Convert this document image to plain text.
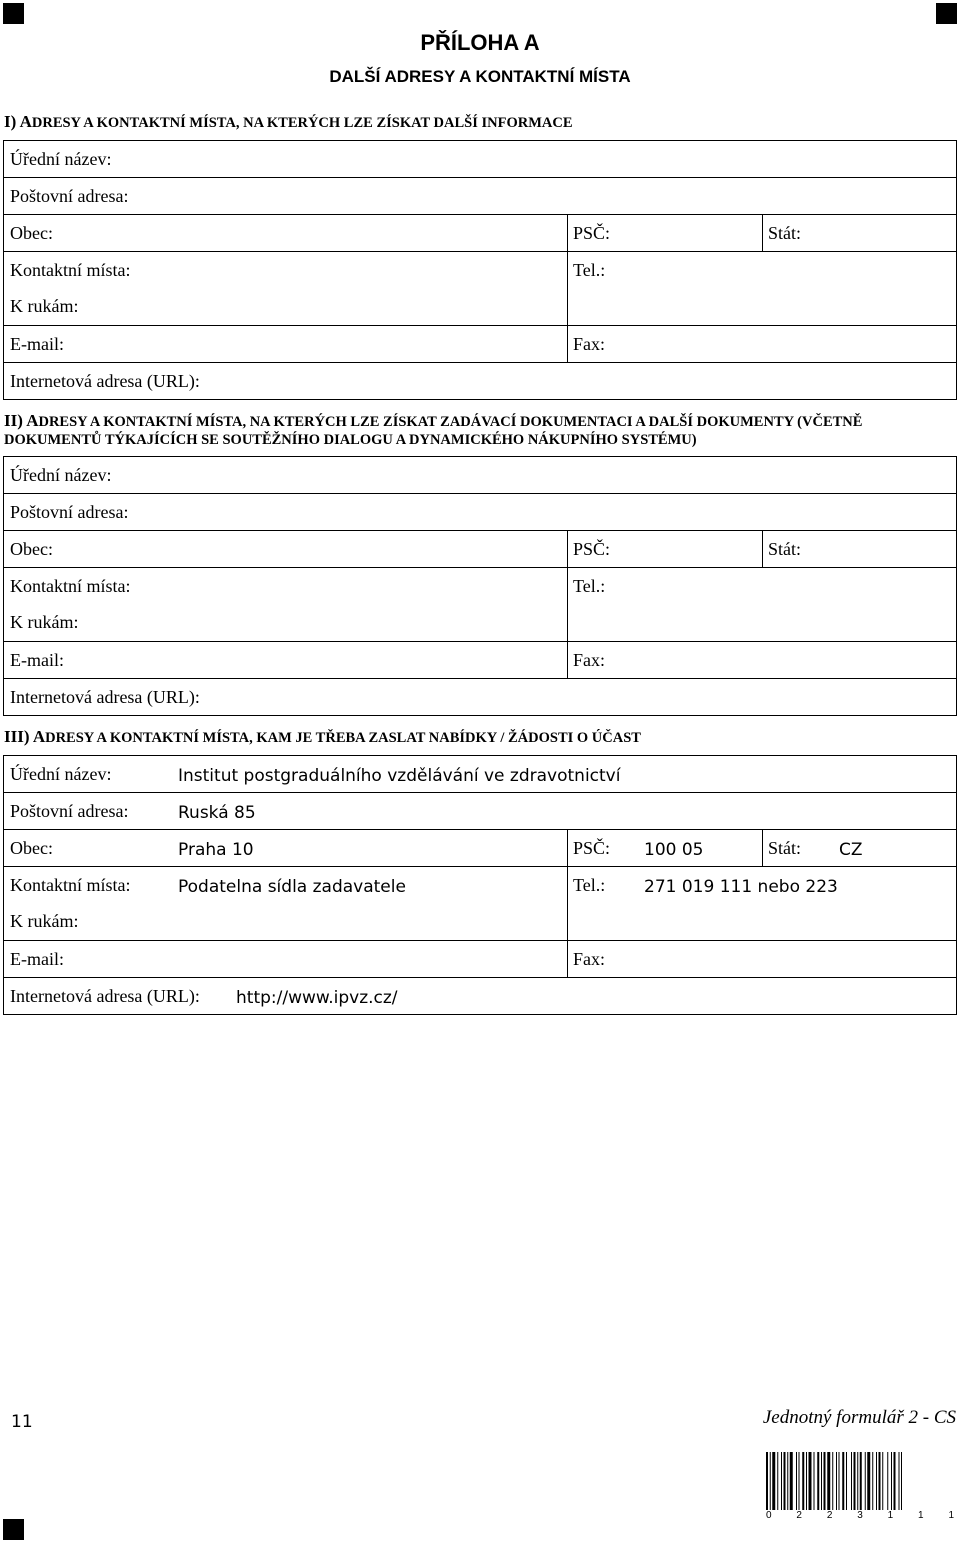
PŘÍLOHA A
DALŠÍ ADRESY A KONTAKTNÍ MÍSTA
I) ADRESY A KONTAKTNÍ MÍSTA, NA KTERÝCH LZE ZÍSKAT DALŠÍ INFORMACE
Úřední název:
Poštovní adresa:
Obec:	PSČ:	Stát:
Kontaktní místa:	Tel.:
K rukám:
E-mail:	Fax:
Internetová adresa (URL):
II) ADRESY A KONTAKTNÍ MÍSTA, NA KTERÝCH LZE ZÍSKAT ZADÁVACÍ DOKUMENTACI A DALŠÍ DOKUMENTY (VČETNĚ DOKUMENTŮ TÝKAJÍCÍCH SE SOUTĚŽNÍHO DIALOGU A DYNAMICKÉHO NÁKUPNÍHO SYSTÉMU)
Úřední název:
Poštovní adresa:
Obec:	PSČ:	Stát:
Kontaktní místa:	Tel.:
K rukám:
E-mail:	Fax:
Internetová adresa (URL):
III) ADRESY A KONTAKTNÍ MÍSTA, KAM JE TŘEBA ZASLAT NABÍDKY / ŽÁDOSTI O ÚČAST
Úřední název:	Institut postgraduálního vzdělávání ve zdravotnictví
Poštovní adresa:	Ruská 85
Obec:	Praha 10	PSČ: 100 05	Stát: CZ
Kontaktní místa:	Podatelna sídla zadavatele	Tel.: 271 019 111 nebo 223
K rukám:
E-mail:	Fax:
Internetová adresa (URL): http://www.ipvz.cz/
11	Jednotný formulář 2 - CS
0 2 2 3 1 1 1
